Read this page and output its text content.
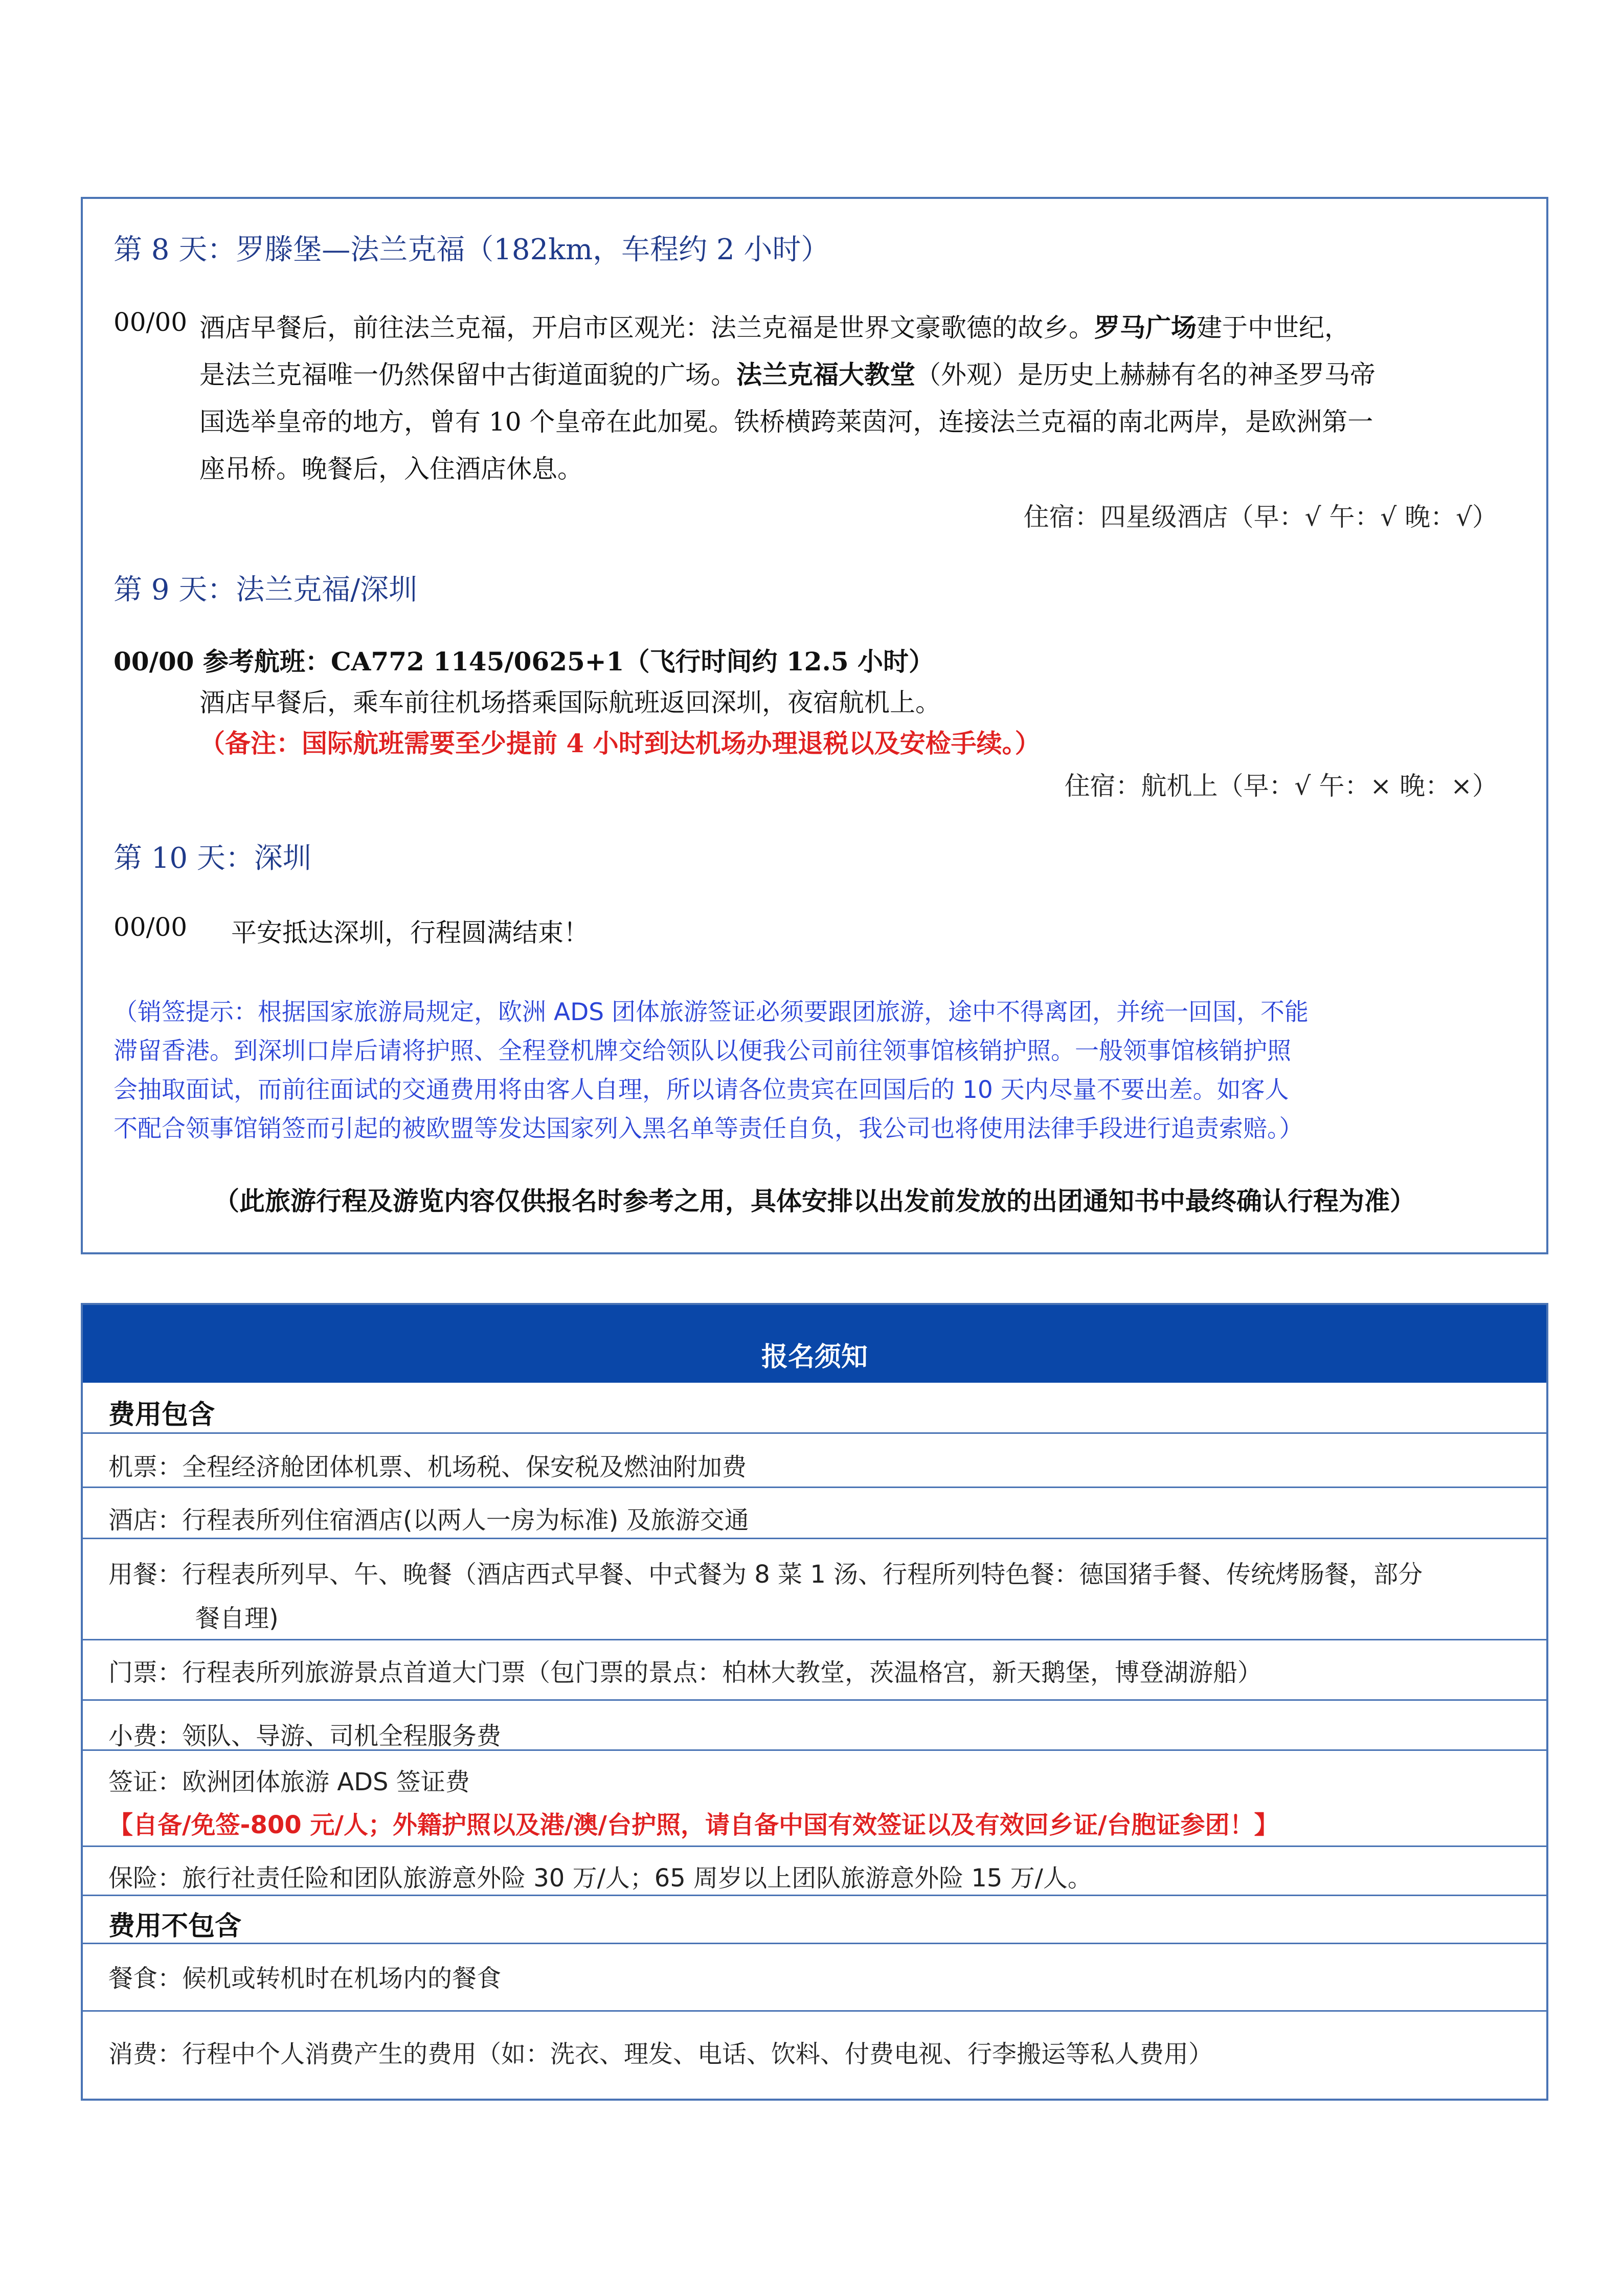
第 8 天：罗滕堡—法兰克福（182km，车程约 2 小时）
00/00 酒店早餐后，前往法兰克福，开启市区观光：法兰克福是世界文豪歌德的故乡。罗马广场建于中世纪，
是法兰克福唯一仍然保留中古街道面貌的广场。法兰克福大教堂（外观）是历史上赫赫有名的神圣罗马帝
国选举皇帝的地方，曾有 10 个皇帝在此加冕。铁桥横跨莱茵河，连接法兰克福的南北两岸，是欧洲第一
座吊桥。晚餐后，入住酒店休息。
住宿：四星级酒店（早：√ 午：√ 晚：√）
第 9 天：法兰克福/深圳
00/00 参考航班：CA772 1145/0625+1（飞行时间约 12.5 小时）
酒店早餐后，乘车前往机场搭乘国际航班返回深圳，夜宿航机上。
（备注：国际航班需要至少提前 4 小时到达机场办理退税以及安检手续。）
住宿：航机上（早：√ 午：× 晚：×）
第 10 天：深圳
00/00 平安抵达深圳，行程圆满结束！
（销签提示：根据国家旅游局规定，欧洲 ADS 团体旅游签证必须要跟团旅游，途中不得离团，并统一回国，不能
滞留香港。到深圳口岸后请将护照、全程登机牌交给领队以便我公司前往领事馆核销护照。一般领事馆核销护照
会抽取面试，而前往面试的交通费用将由客人自理，所以请各位贵宾在回国后的 10 天内尽量不要出差。如客人
不配合领事馆销签而引起的被欧盟等发达国家列入黑名单等责任自负，我公司也将使用法律手段进行追责索赔。）
（此旅游行程及游览内容仅供报名时参考之用，具体安排以出发前发放的出团通知书中最终确认行程为准）
报名须知
费用包含
机票：全程经济舱团体机票、机场税、保安税及燃油附加费
酒店：行程表所列住宿酒店(以两人一房为标准) 及旅游交通
用餐：行程表所列早、午、晚餐（酒店西式早餐、中式餐为 8 菜 1 汤、行程所列特色餐：德国猪手餐、传统烤肠餐，部分
餐自理)
门票：行程表所列旅游景点首道大门票（包门票的景点：柏林大教堂，茨温格宫，新天鹅堡，博登湖游船）
小费：领队、导游、司机全程服务费
签证：欧洲团体旅游 ADS 签证费
【自备/免签-800 元/人；外籍护照以及港/澳/台护照，请自备中国有效签证以及有效回乡证/台胞证参团！】
保险：旅行社责任险和团队旅游意外险 30 万/人；65 周岁以上团队旅游意外险 15 万/人。
费用不包含
餐食：候机或转机时在机场内的餐食
消费：行程中个人消费产生的费用（如：洗衣、理发、电话、饮料、付费电视、行李搬运等私人费用）
